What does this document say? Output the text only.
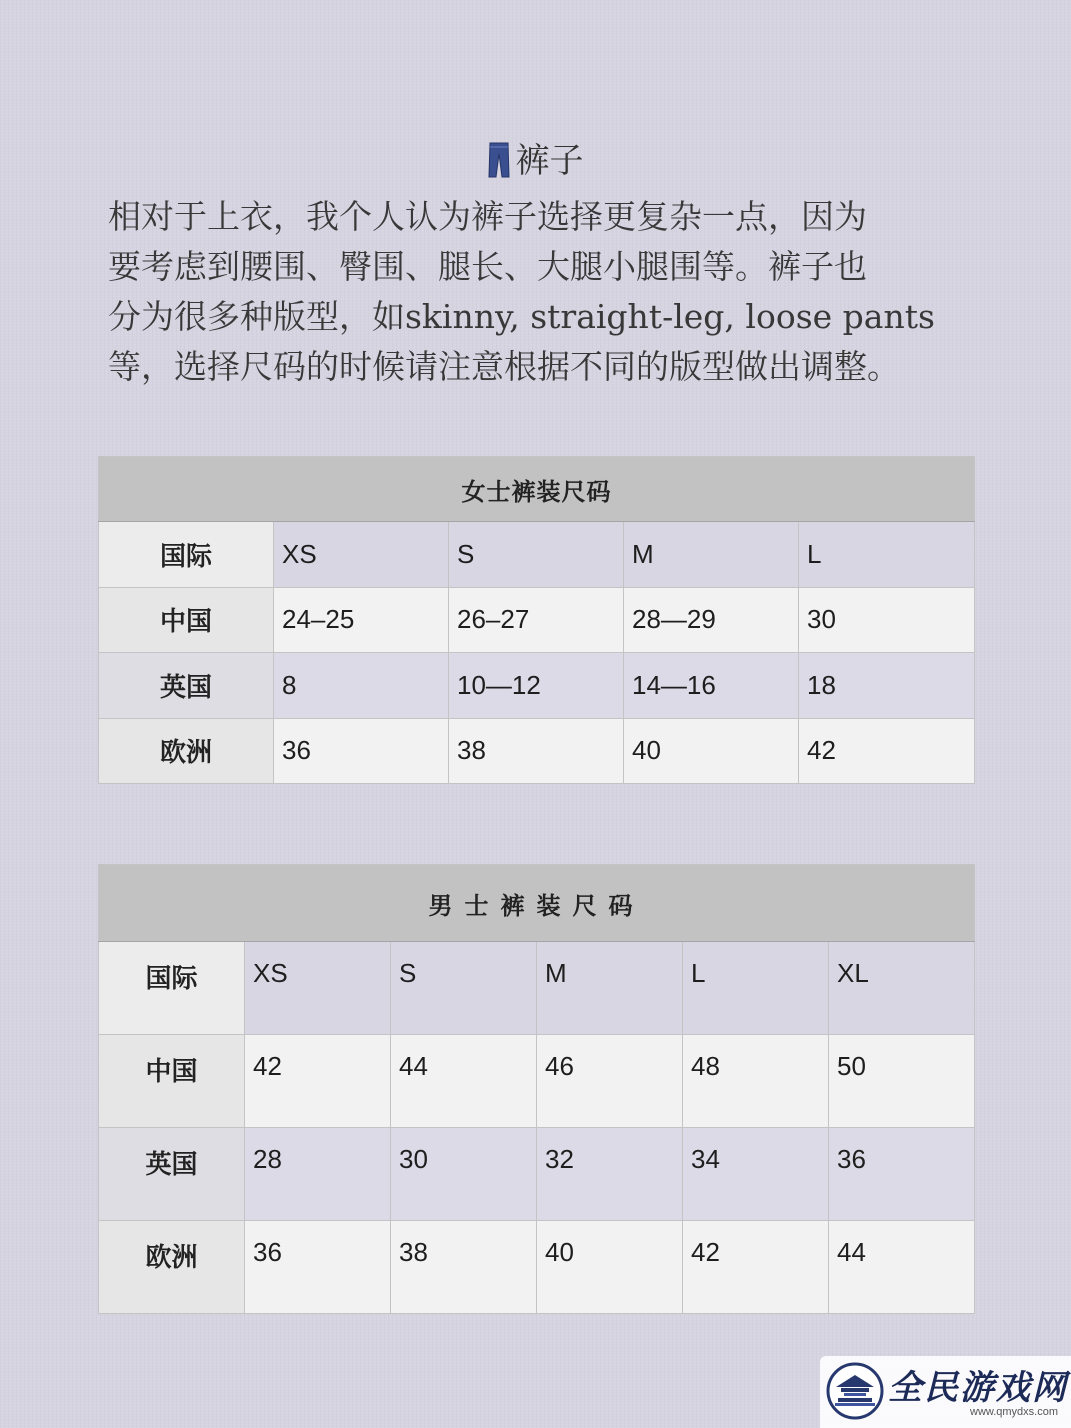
裤子

相对于上衣，我个人认为裤子选择更复杂一点，因为

要考虑到腰围、臀围、腿长、大腿小腿围等。裤子也

分为很多种版型，如skinny, straight-leg, loose pants

等，选择尺码的时候请注意根据不同的版型做出调整。

女士裤装尺码				
国际	XS	S	M	L
中国	24–25	26–27	28—29	30
英国	8	10—12	14—16	18
欧洲	36	38	40	42
男士裤装尺码					
国际	XS	S	M	L	XL
中国	42	44	46	48	50
英国	28	30	32	34	36
欧洲	36	38	40	42	44
全民游戏网
www.qmydxs.com
